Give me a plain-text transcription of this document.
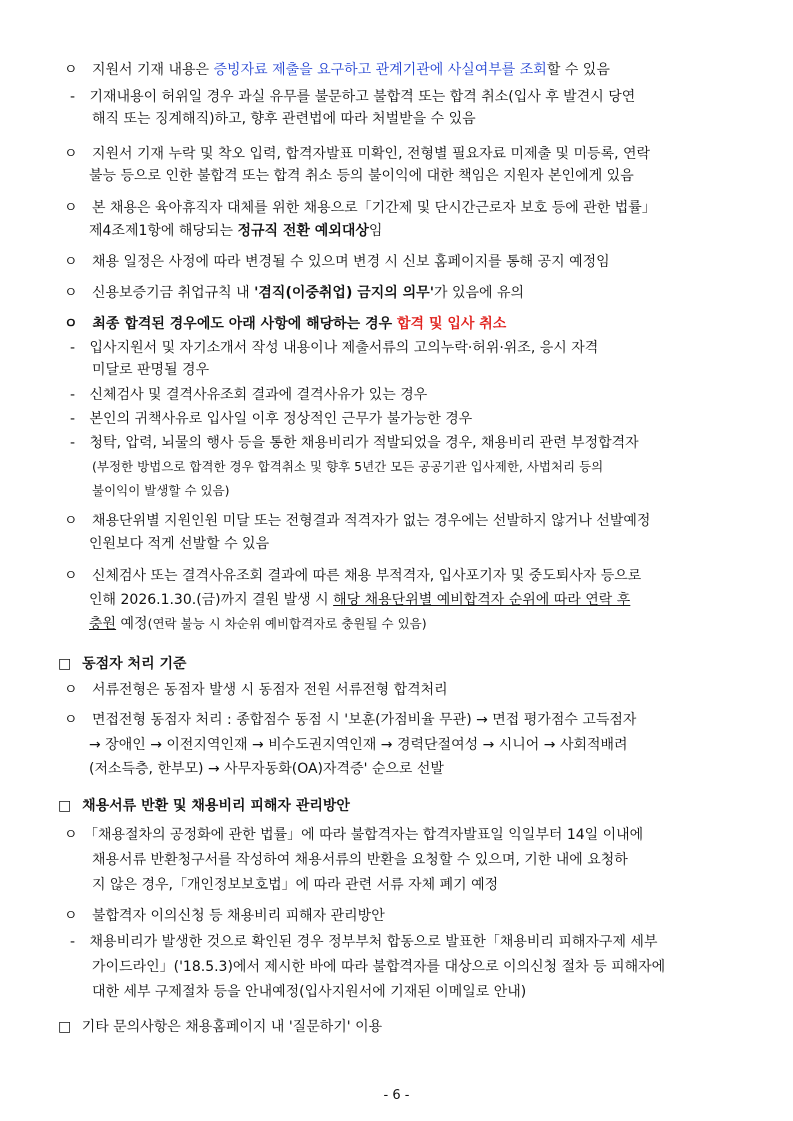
ㅇ 지원서 기재 내용은 증빙자료 제출을 요구하고 관계기관에 사실여부를 조회할 수 있음
- 기재내용이 허위일 경우 과실 유무를 불문하고 불합격 또는 합격 취소(입사 후 발견시 당연
해직 또는 징계해직)하고, 향후 관련법에 따라 처벌받을 수 있음
ㅇ 지원서 기재 누락 및 착오 입력, 합격자발표 미확인, 전형별 필요자료 미제출 및 미등록, 연락
불능 등으로 인한 불합격 또는 합격 취소 등의 불이익에 대한 책임은 지원자 본인에게 있음
ㅇ 본 채용은 육아휴직자 대체를 위한 채용으로「기간제 및 단시간근로자 보호 등에 관한 법률」
제4조제1항에 해당되는 정규직 전환 예외대상임
ㅇ 채용 일정은 사정에 따라 변경될 수 있으며 변경 시 신보 홈페이지를 통해 공지 예정임
ㅇ 신용보증기금 취업규칙 내 '겸직(이중취업) 금지의 의무'가 있음에 유의
ㅇ 최종 합격된 경우에도 아래 사항에 해당하는 경우 합격 및 입사 취소
- 입사지원서 및 자기소개서 작성 내용이나 제출서류의 고의누락·허위·위조, 응시 자격
미달로 판명될 경우
- 신체검사 및 결격사유조회 결과에 결격사유가 있는 경우
- 본인의 귀책사유로 입사일 이후 정상적인 근무가 불가능한 경우
- 청탁, 압력, 뇌물의 행사 등을 통한 채용비리가 적발되었을 경우, 채용비리 관련 부정합격자
(부정한 방법으로 합격한 경우 합격취소 및 향후 5년간 모든 공공기관 입사제한, 사법처리 등의
불이익이 발생할 수 있음)
ㅇ 채용단위별 지원인원 미달 또는 전형결과 적격자가 없는 경우에는 선발하지 않거나 선발예정
인원보다 적게 선발할 수 있음
ㅇ 신체검사 또는 결격사유조회 결과에 따른 채용 부적격자, 입사포기자 및 중도퇴사자 등으로
인해 2026.1.30.(금)까지 결원 발생 시 해당 채용단위별 예비합격자 순위에 따라 연락 후
충원 예정(연락 불능 시 차순위 예비합격자로 충원될 수 있음)
□ 동점자 처리 기준
ㅇ 서류전형은 동점자 발생 시 동점자 전원 서류전형 합격처리
ㅇ 면접전형 동점자 처리 : 종합점수 동점 시 '보훈(가점비율 무관) → 면접 평가점수 고득점자
→ 장애인 → 이전지역인재 → 비수도권지역인재 → 경력단절여성 → 시니어 → 사회적배려
(저소득층, 한부모) → 사무자동화(OA)자격증' 순으로 선발
□ 채용서류 반환 및 채용비리 피해자 관리방안
ㅇ 「채용절차의 공정화에 관한 법률」에 따라 불합격자는 합격자발표일 익일부터 14일 이내에
채용서류 반환청구서를 작성하여 채용서류의 반환을 요청할 수 있으며, 기한 내에 요청하
지 않은 경우,「개인정보보호법」에 따라 관련 서류 자체 폐기 예정
ㅇ 불합격자 이의신청 등 채용비리 피해자 관리방안
- 채용비리가 발생한 것으로 확인된 경우 정부부처 합동으로 발표한「채용비리 피해자구제 세부
가이드라인」('18.5.3)에서 제시한 바에 따라 불합격자를 대상으로 이의신청 절차 등 피해자에
대한 세부 구제절차 등을 안내예정(입사지원서에 기재된 이메일로 안내)
□ 기타 문의사항은 채용홈페이지 내 '질문하기' 이용
- 6 -
